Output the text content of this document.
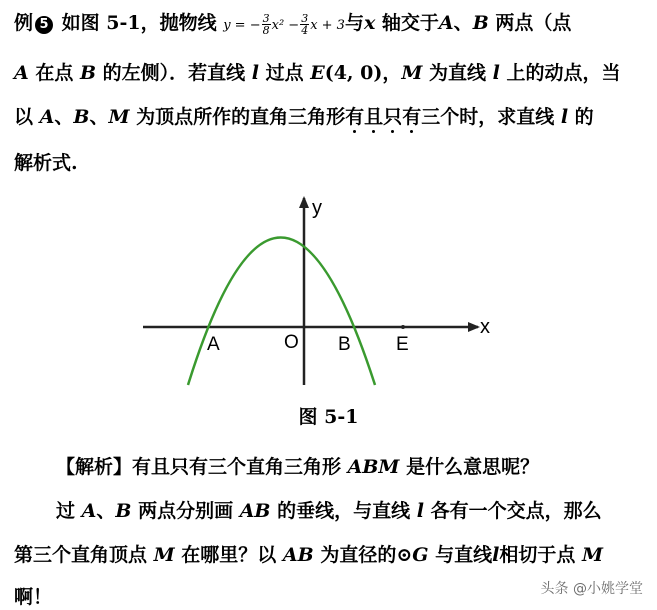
例 5 如图 5-1，抛物线 y = − $\frac{3}{8} x^2 - \frac{3}{4}$ x + 3与x 轴交于A、B 两点（点
A 在点 B 的左侧）．若直线 l 过点 E(4, 0)，M 为直线 l 上的动点，当
以 A、B、M 为顶点所作的直角三角形有且只有三个时，求直线 l 的
解析式.
y
x
O
A	B E
图 5-1
【解析】有且只有三个直角三角形 ABM 是什么意思呢？
过 A、B 两点分别画 AB 的垂线，与直线 l 各有一个交点，那么
第三个直角顶点 M 在哪里？以 AB 为直径的⊙G 与直线l相切于点 M
啊！	头条 @小姚学堂
